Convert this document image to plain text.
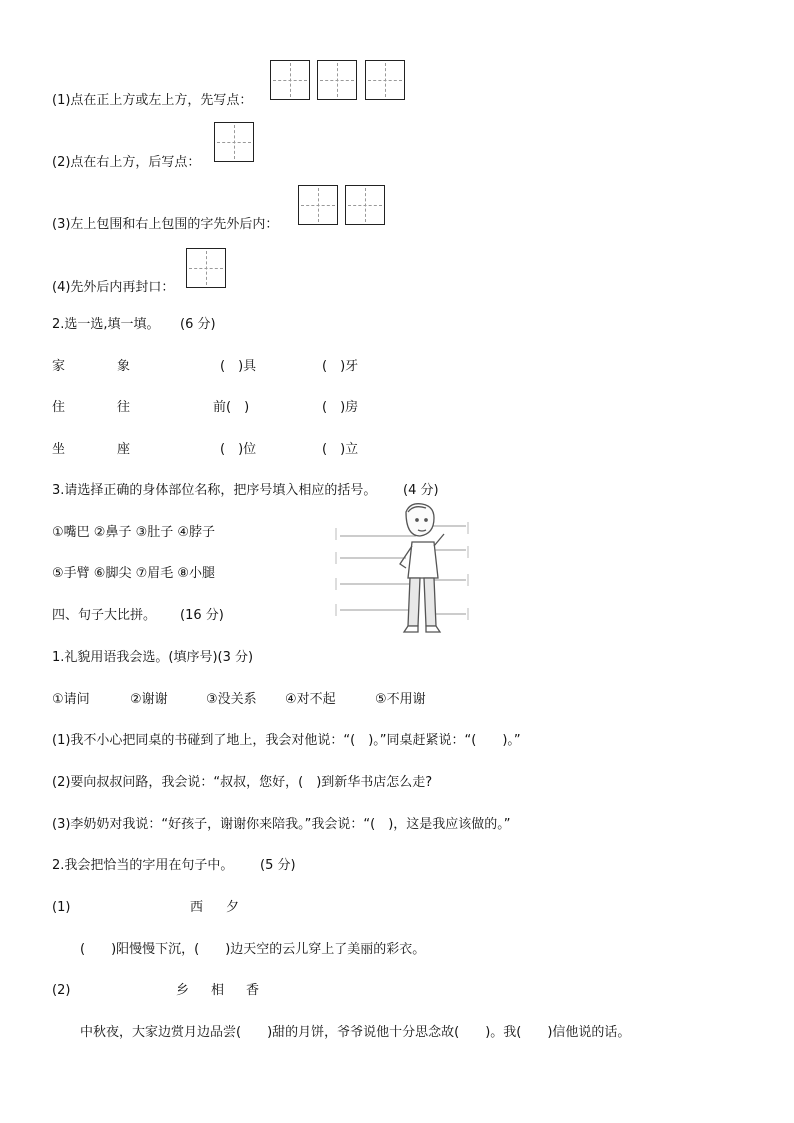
(1)点在正上方或左上方，先写点：
(2)点在右上方，后写点：
(3)左上包围和右上包围的字先外后内：
(4)先外后内再封口：
2.选一选,填一填。 (6 分)
家	象	(　)具	(　)牙
住	往	前(　)	(　)房
坐	座	(　)位	(　)立
3.请选择正确的身体部位名称，把序号填入相应的括号。 (4 分)
①嘴巴 ②鼻子 ③肚子 ④脖子
⑤手臂 ⑥脚尖 ⑦眉毛 ⑧小腿
四、句子大比拼。 (16 分)
1.礼貌用语我会选。(填序号)(3 分)
①请问	②谢谢	③没关系 ④对不起	⑤不用谢
(1)我不小心把同桌的书碰到了地上，我会对他说：“(　)。”同桌赶紧说：“(　　)。”
(2)要向叔叔问路，我会说：“叔叔，您好，(　)到新华书店怎么走?
(3)李奶奶对我说：“好孩子，谢谢你来陪我。”我会说：“(　)，这是我应该做的。”
2.我会把恰当的字用在句子中。 (5 分)
(1)	西 夕
(　　)阳慢慢下沉，(　　)边天空的云儿穿上了美丽的彩衣。
(2)	乡 相 香
中秋夜，大家边赏月边品尝(　　)甜的月饼，爷爷说他十分思念故(　　)。我(　　)信他说的话。
